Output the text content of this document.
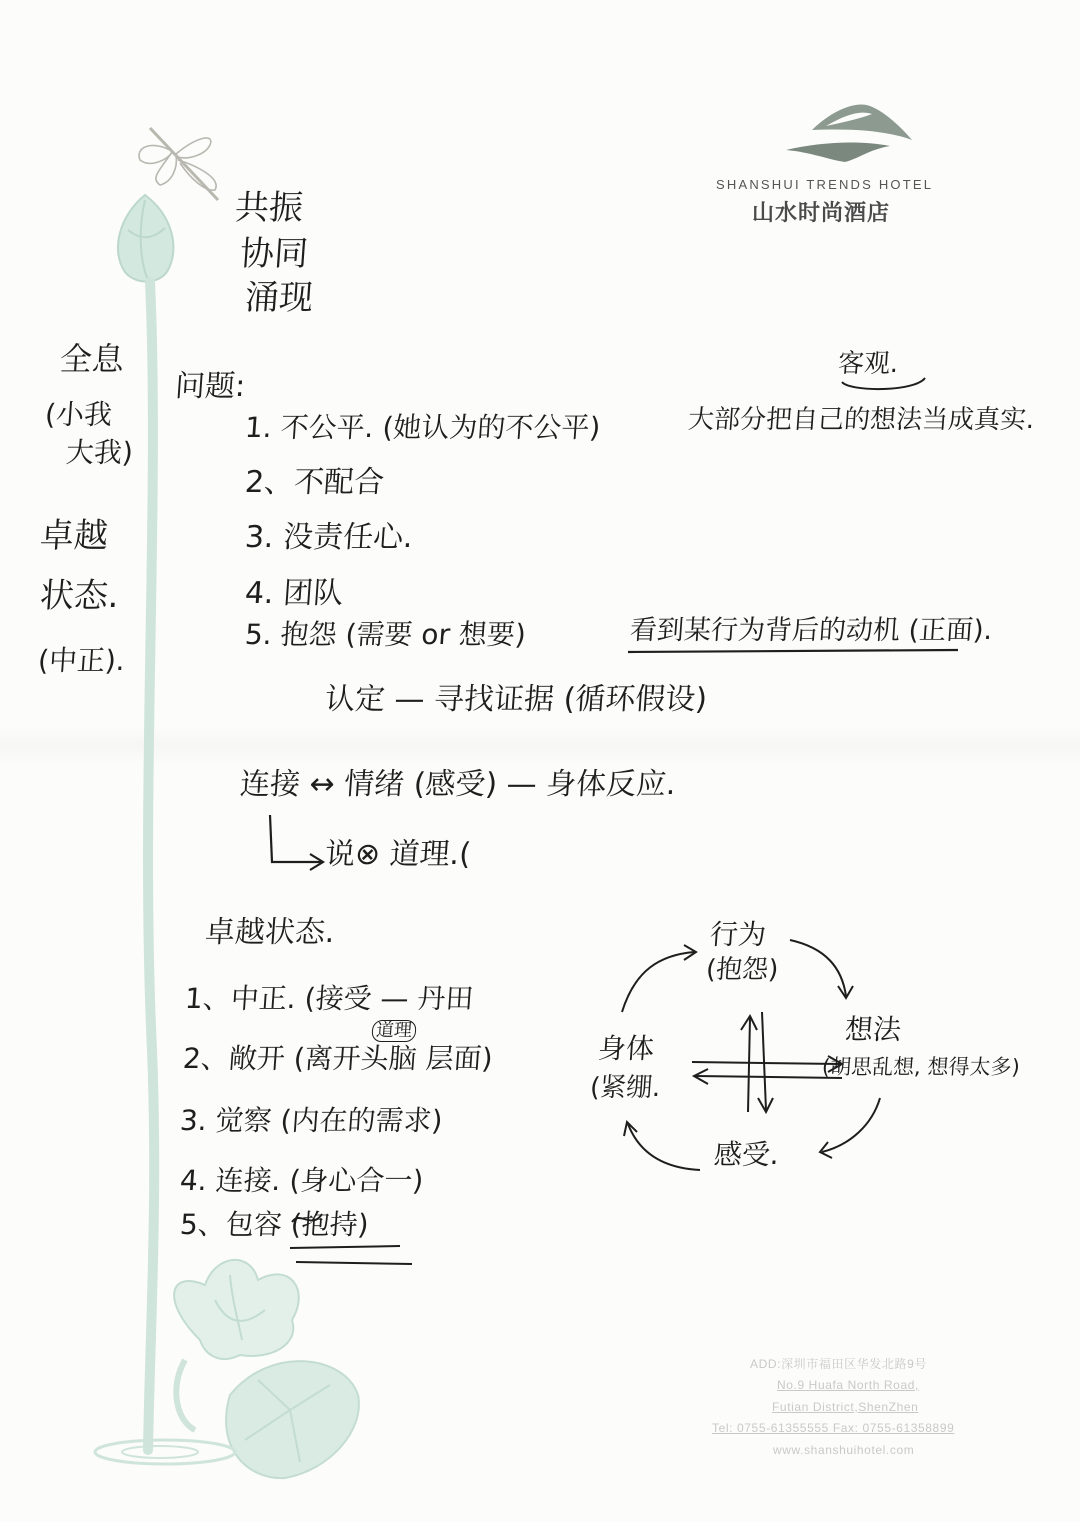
SHANSHUI TRENDS HOTEL
山水时尚酒店
共振
协同
涌现
全息
(小我
大我)
卓越
状态.
(中正).
问题:
客观.
1. 不公平. (她认为的不公平)	大部分把自己的想法当成真实.
2、不配合
3. 没责任心.
4. 团队
5. 抱怨 (需要 or 想要)	看到某行为背后的动机 (正面).
认定 — 寻找证据 (循环假设)
连接 ↔ 情绪 (感受) — 身体反应.
说⊗ 道理.(
卓越状态.
1、中正. (接受 — 丹田
2、敞开 (离开头脑 层面)
道理
3. 觉察 (内在的需求)
4. 连接. (身心合一)
5、包容 (抱持)
行为
(抱怨)
想法
(胡思乱想, 想得太多)
感受.
身体
(紧绷.
ADD:深圳市福田区华发北路9号
No.9 Huafa North Road,
Futian District,ShenZhen
Tel: 0755-61355555 Fax: 0755-61358899
www.shanshuihotel.com
